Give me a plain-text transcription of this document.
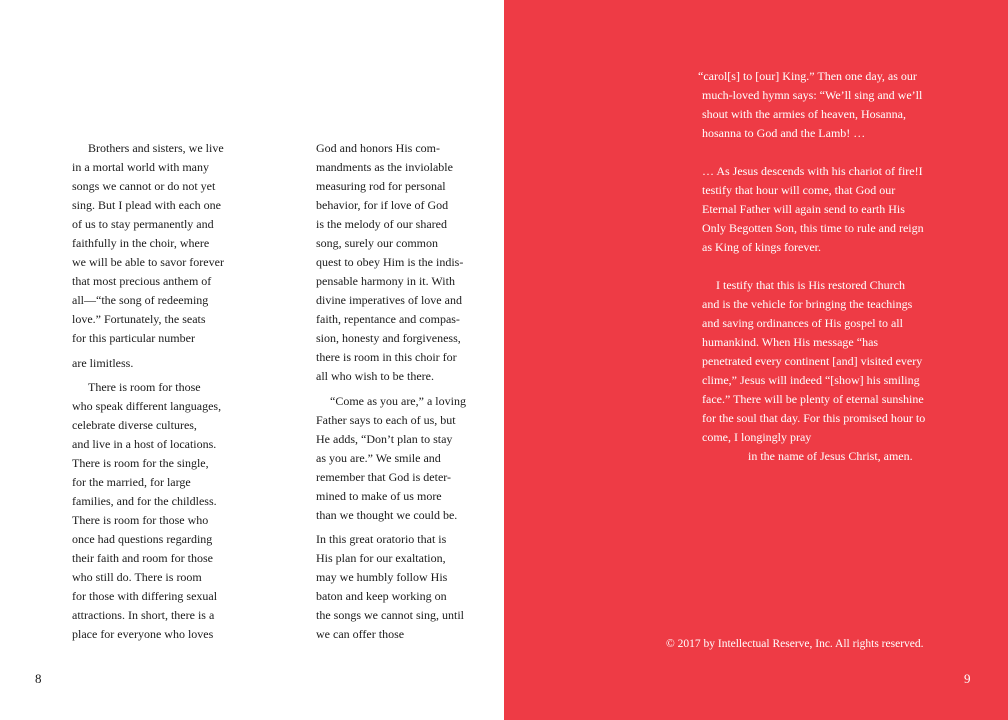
Brothers and sisters, we live
in a mortal world with many
songs we cannot or do not yet
sing. But I plead with each one
of us to stay permanently and
faithfully in the choir, where
we will be able to savor forever
that most precious anthem of
all—“the song of redeeming
love.” Fortunately, the seats
for this particular number
are limitless.
There is room for those
who speak different languages,
celebrate diverse cultures,
and live in a host of locations.
There is room for the single,
for the married, for large
families, and for the childless.
There is room for those who
once had questions regarding
their faith and room for those
who still do. There is room
for those with differing sexual
attractions. In short, there is a
place for everyone who loves
God and honors His com-
mandments as the inviolable
measuring rod for personal
behavior, for if love of God
is the melody of our shared
song, surely our common
quest to obey Him is the indis-
pensable harmony in it. With
divine imperatives of love and
faith, repentance and compas-
sion, honesty and forgiveness,
there is room in this choir for
all who wish to be there.
“Come as you are,” a loving
Father says to each of us, but
He adds, “Don’t plan to stay
as you are.” We smile and
remember that God is deter-
mined to make of us more
than we thought we could be.
In this great oratorio that is
His plan for our exaltation,
may we humbly follow His
baton and keep working on
the songs we cannot sing, until
we can offer those
8
“carol[s] to [our] King.” Then one day, as our
much-loved hymn says: “We’ll sing and we’ll
shout with the armies of heaven, Hosanna,
hosanna to God and the Lamb! …
… As Jesus descends with his chariot of fire!I
testify that hour will come, that God our
Eternal Father will again send to earth His
Only Begotten Son, this time to rule and reign
as King of kings forever.
I testify that this is His restored Church
and is the vehicle for bringing the teachings
and saving ordinances of His gospel to all
humankind. When His message “has
penetrated every continent [and] visited every
clime,” Jesus will indeed “[show] his smiling
face.” There will be plenty of eternal sunshine
for the soul that day. For this promised hour to
come, I longingly pray
in the name of Jesus Christ, amen.
© 2017 by Intellectual Reserve, Inc. All rights reserved.
9
